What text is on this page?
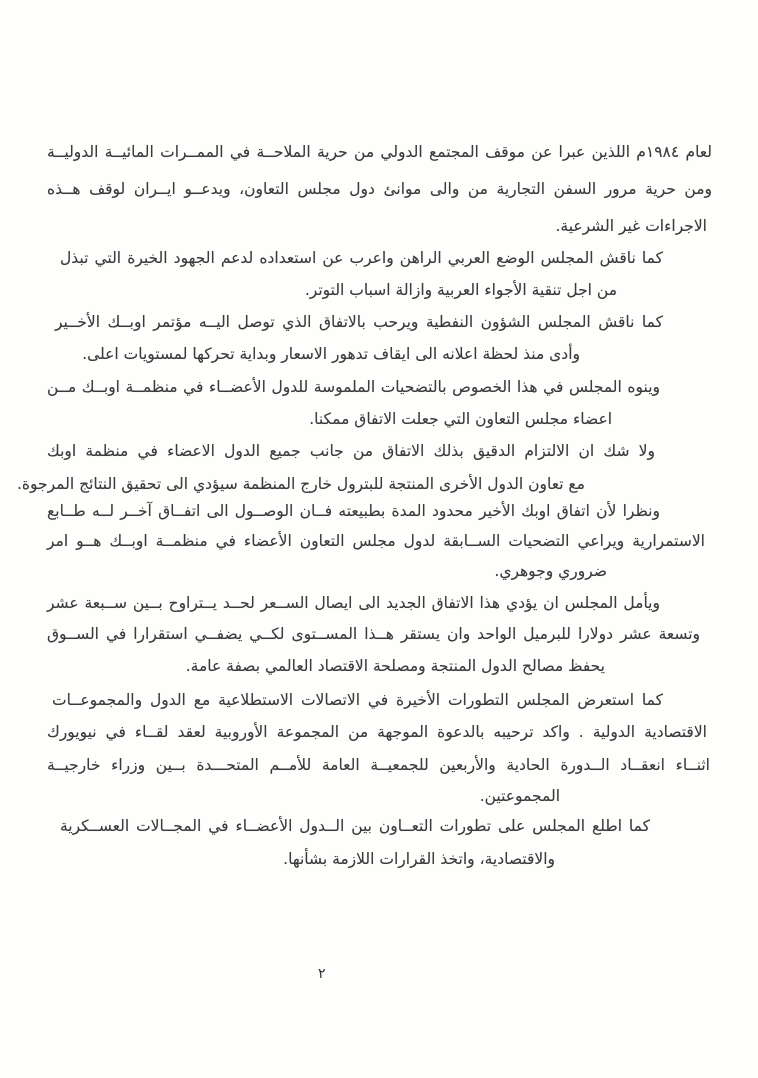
لعام ١٩٨٤م اللذين عبرا عن موقف المجتمع الدولي من حرية الملاحــة في الممــرات المائيــة الدوليــة
ومن حرية مرور السفن التجارية من والى موانئ دول مجلس التعاون، ويدعــو ايــران لوقف هــذه
الاجراءات غير الشرعية.
كما ناقش المجلس الوضع العربي الراهن واعرب عن استعداده لدعم الجهود الخيرة التي تبذل
من اجل تنقية الأجواء العربية وازالة اسباب التوتر.
كما ناقش المجلس الشؤون النفطية ويرحب بالاتفاق الذي توصل اليــه مؤتمر اوبــك الأخــير
وأدى منذ لحظة اعلانه الى ايقاف تدهور الاسعار وبداية تحركها لمستويات اعلى.
وينوه المجلس في هذا الخصوص بالتضحيات الملموسة للدول الأعضــاء في منظمــة اوبــك مــن
اعضاء مجلس التعاون التي جعلت الاتفاق ممكنا.
ولا شك ان الالتزام الدقيق بذلك الاتفاق من جانب جميع الدول الاعضاء في منظمة اوبك
مع تعاون الدول الأخرى المنتجة للبترول خارج المنظمة سيؤدي الى تحقيق النتائج المرجوة.
ونظرا لأن اتفاق اوبك الأخير محدود المدة بطبيعته فــان الوصــول الى اتفــاق آخــر لــه طــابع
الاستمرارية ويراعي التضحيات الســابقة لدول مجلس التعاون الأعضاء في منظمــة اوبــك هــو امر
ضروري وجوهري.
ويأمل المجلس ان يؤدي هذا الاتفاق الجديد الى ايصال الســعر لحــد يــتراوح بــين ســبعة عشر
وتسعة عشر دولارا للبرميل الواحد وان يستقر هــذا المســتوى لكــي يضفــي استقرارا في الســوق
يحفظ مصالح الدول المنتجة ومصلحة الاقتصاد العالمي بصفة عامة.
كما استعرض المجلس التطورات الأخيرة في الاتصالات الاستطلاعية مع الدول والمجموعــات
الاقتصادية الدولية . واكد ترحيبه بالدعوة الموجهة من المجموعة الأوروبية لعقد لقــاء في نيويورك
اثنــاء انعقــاد الــدورة الحادية والأربعين للجمعيــة العامة للأمــم المتحـــدة بــين وزراء خارجيــة
المجموعتين.
كما اطلع المجلس على تطورات التعــاون بين الــدول الأعضــاء في المجــالات العســكرية
والاقتصادية، واتخذ القرارات اللازمة بشأنها.
٢
